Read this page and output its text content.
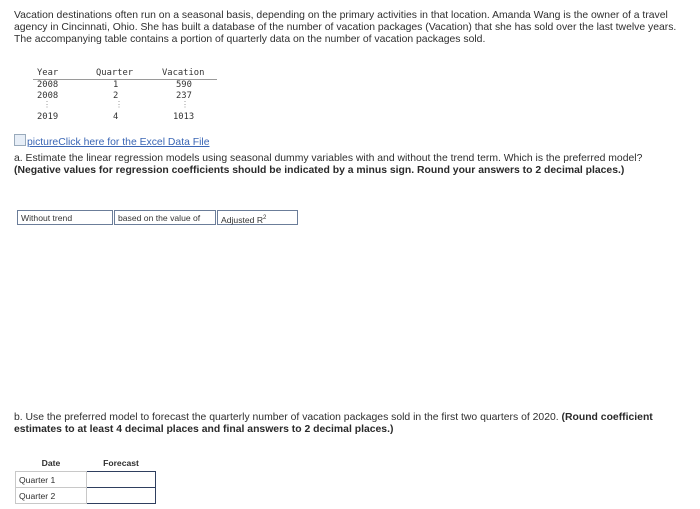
Vacation destinations often run on a seasonal basis, depending on the primary activities in that location. Amanda Wang is the owner of a travel agency in Cincinnati, Ohio. She has built a database of the number of vacation packages (Vacation) that she has sold over the last twelve years. The accompanying table contains a portion of quarterly data on the number of vacation packages sold.
Year	Quarter	Vacation
2008	1	590
2008	2	237
⋮	⋮	⋮
2019	4	1013
pictureClick here for the Excel Data File
a. Estimate the linear regression models using seasonal dummy variables with and without the trend term. Which is the preferred model? (Negative values for regression coefficients should be indicated by a minus sign. Round your answers to 2 decimal places.)
Without trend	based on the value of	Adjusted $R^2$
b. Use the preferred model to forecast the quarterly number of vacation packages sold in the first two quarters of 2020. (Round coefficient estimates to at least 4 decimal places and final answers to 2 decimal places.)
Date	Forecast
Quarter 1	
Quarter 2	
